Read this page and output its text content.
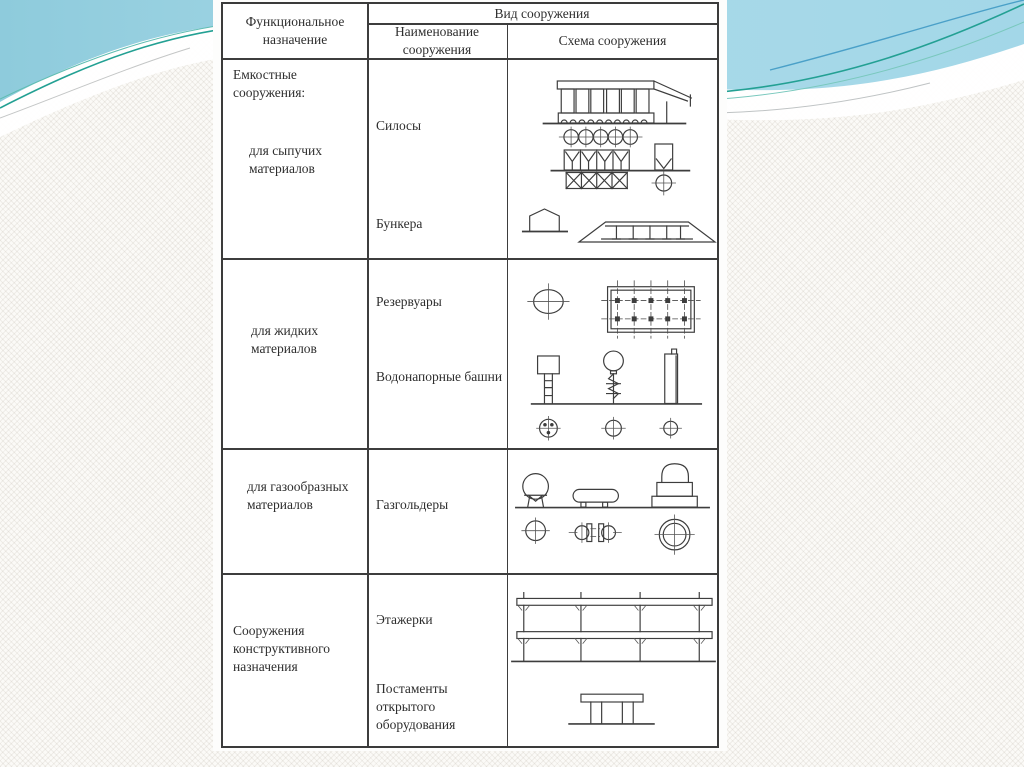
Функциональное назначение
Вид сооружения
Наименование сооружения
Схема сооружения
Емкостные сооружения:
для сыпучих материалов
Силосы
Бункера
для жидких материалов
Резервуары
Водонапорные башни
для газообразных материалов	Газгольдеры
Сооружения конструктивного назначения
Этажерки
Постаменты открытого оборудования
